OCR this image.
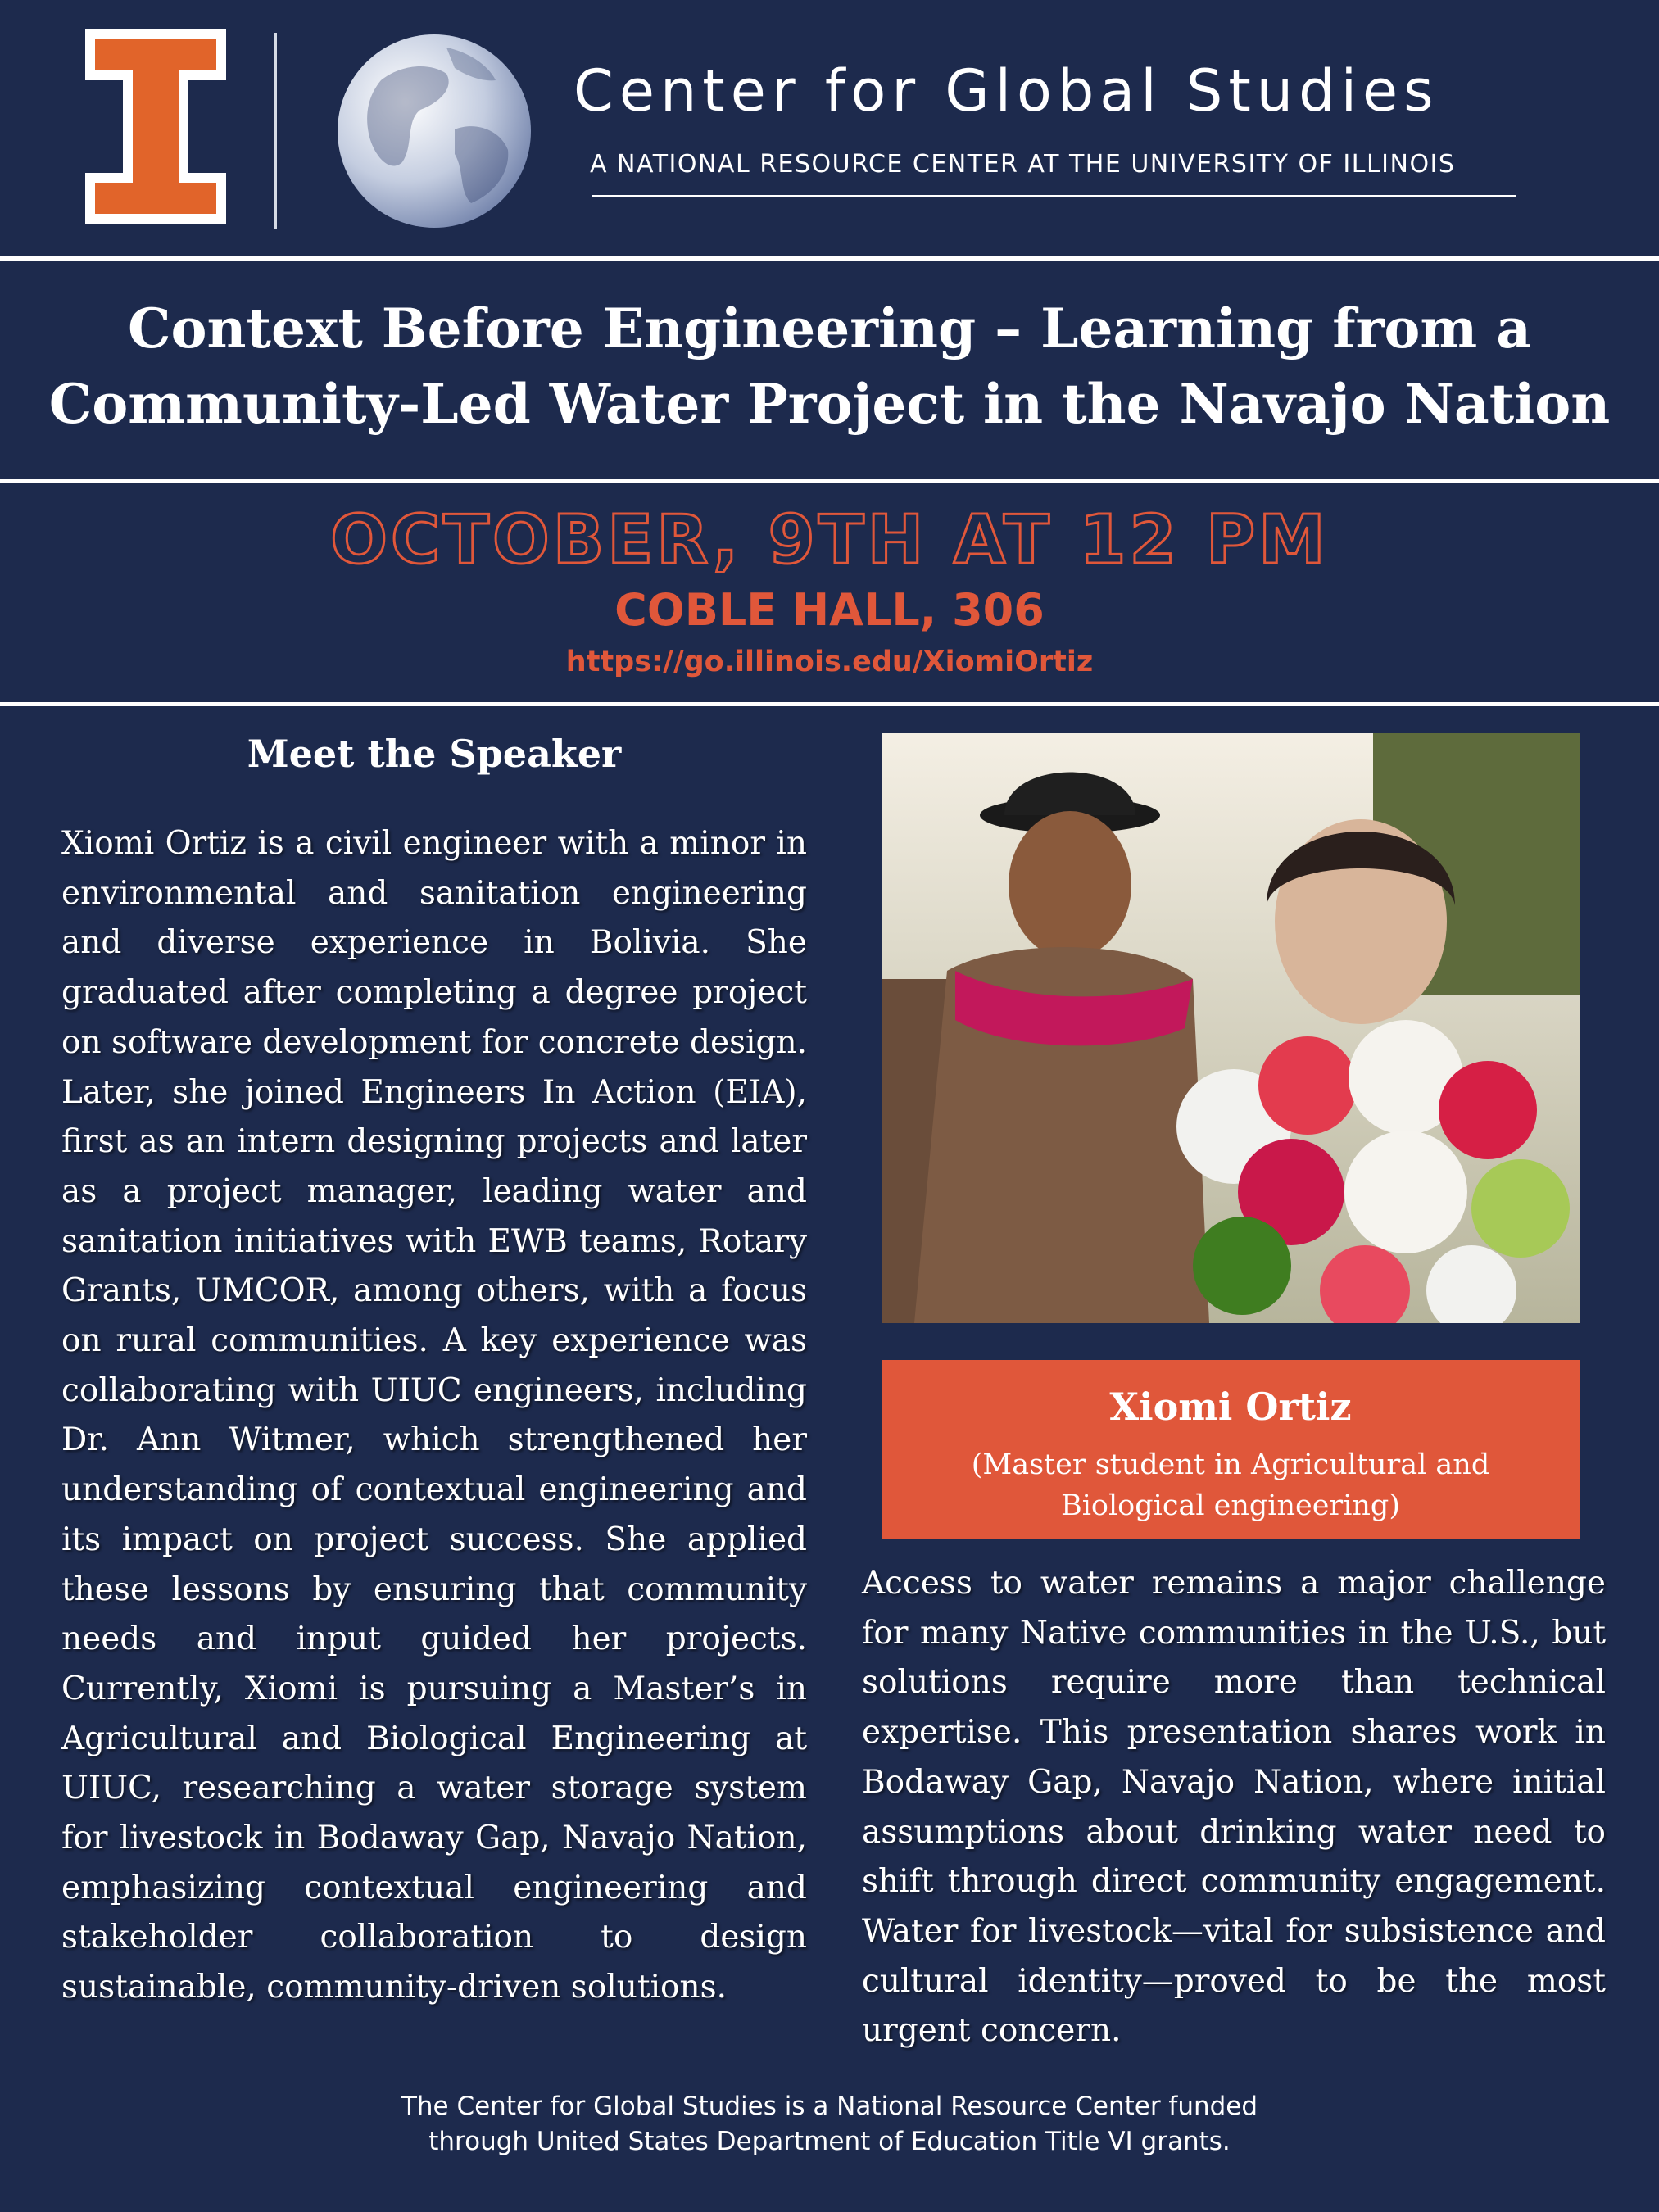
Center for Global Studies
A NATIONAL RESOURCE CENTER AT THE UNIVERSITY OF ILLINOIS
Context Before Engineering – Learning from a
Community-Led Water Project in the Navajo Nation
OCTOBER, 9TH AT 12 PM
COBLE HALL, 306
https://go.illinois.edu/XiomiOrtiz
Meet the Speaker

Xiomi Ortiz is a civil engineer with a minor in environmental and sanitation engineering and diverse experience in Bolivia. She graduated after completing a degree project on software development for concrete design. Later, she joined Engineers In Action (EIA), first as an intern designing projects and later as a project manager, leading water and sanitation initiatives with EWB teams, Rotary Grants, UMCOR, among others, with a focus on rural communities. A key experience was collaborating with UIUC engineers, including Dr. Ann Witmer, which strengthened her understanding of contextual engineering and its impact on project success. She applied these lessons by ensuring that community needs and input guided her projects. Currently, Xiomi is pursuing a Master’s in Agricultural and Biological Engineering at UIUC, researching a water storage system for livestock in Bodaway Gap, Navajo Nation, emphasizing contextual engineering and stakeholder collaboration to design sustainable, community-driven solutions.

Xiomi Ortiz
(Master student in Agricultural and Biological engineering)

Access to water remains a major challenge for many Native communities in the U.S., but solutions require more than technical expertise. This presentation shares work in Bodaway Gap, Navajo Nation, where initial assumptions about drinking water need to shift through direct community engagement. Water for livestock—vital for subsistence and cultural identity—proved to be the most urgent concern.

The Center for Global Studies is a National Resource Center funded
through United States Department of Education Title VI grants.
